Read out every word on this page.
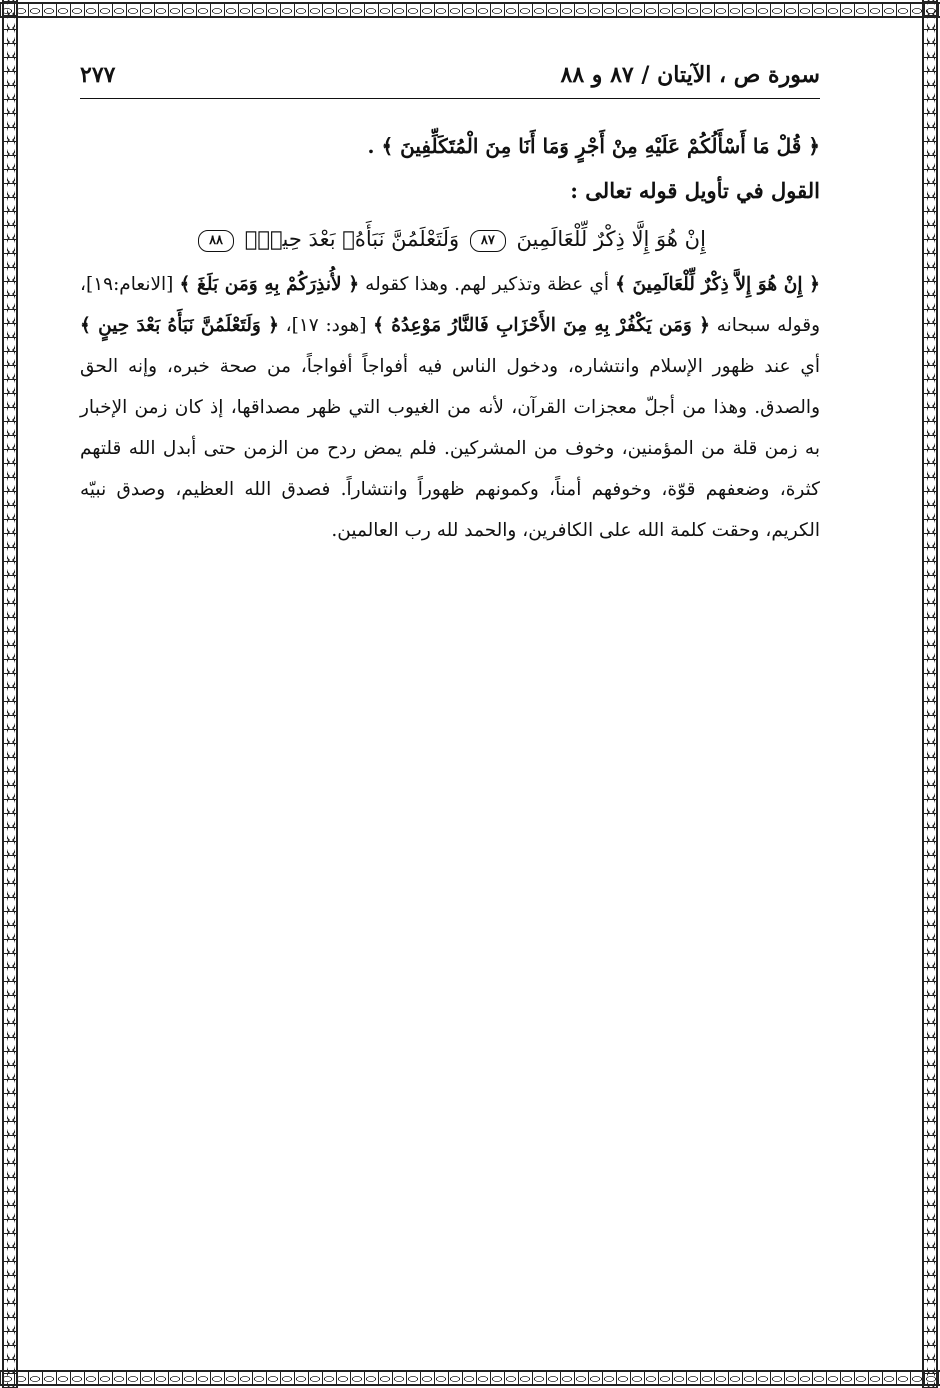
سورة ص ، الآيتان / ٨٧ و ٨٨
٢٧٧
﴿ قُلْ مَا أَسْأَلُكُمْ عَلَيْهِ مِنْ أَجْرٍ وَمَا أَنَا مِنَ الْمُتَكَلِّفِينَ ﴾ .
القول في تأويل قوله تعالى :
إِنْ هُوَ إِلَّا ذِكْرٌ لِّلْعَالَمِينَ ٨٧ وَلَتَعْلَمُنَّ نَبَأَهُۥ بَعْدَ حِينٍۭ ٨٨

﴿ إِنْ هُوَ إِلاَّ ذِكْرٌ لِّلْعَالَمِينَ ﴾ أي عظة وتذكير لهم. وهذا كقوله ﴿ لأُنذِرَكُمْ بِهِ وَمَن بَلَغَ ﴾ [الانعام:١٩]، وقوله سبحانه ﴿ وَمَن يَكْفُرْ بِهِ مِنَ الأَحْزَابِ فَالنَّارُ مَوْعِدُهُ ﴾ [هود: ١٧]، ﴿ وَلَتَعْلَمُنَّ نَبَأَهُ بَعْدَ حِينٍ ﴾ أي عند ظهور الإسلام وانتشاره، ودخول الناس فيه أفواجاً أفواجاً، من صحة خبره، وإنه الحق والصدق. وهذا من أجلّ معجزات القرآن، لأنه من الغيوب التي ظهر مصداقها، إذ كان زمن الإخبار به زمن قلة من المؤمنين، وخوف من المشركين. فلم يمض ردح من الزمن حتى أبدل الله قلتهم كثرة، وضعفهم قوّة، وخوفهم أمناً، وكمونهم ظهوراً وانتشاراً. فصدق الله العظيم، وصدق نبيّه الكريم، وحقت كلمة الله على الكافرين، والحمد لله رب العالمين.
